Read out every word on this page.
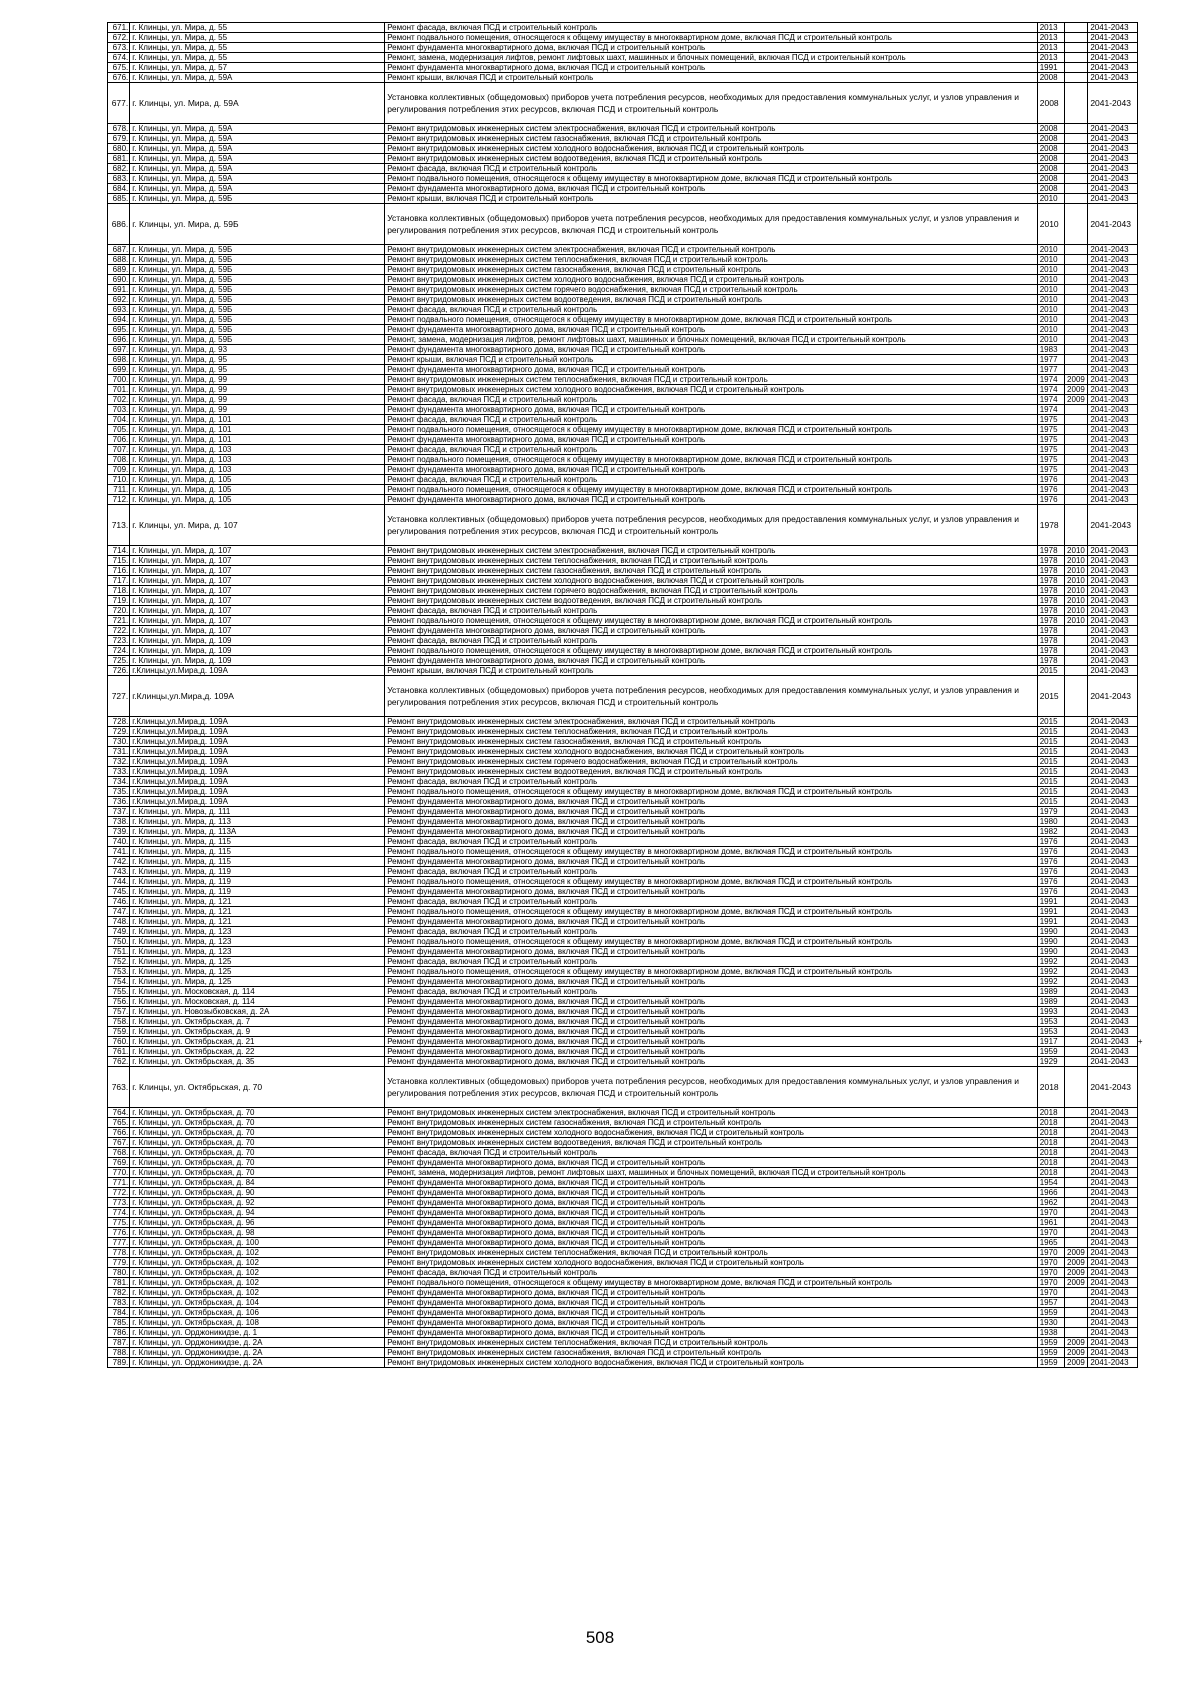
671.	г. Клинцы, ул. Мира, д. 55	Ремонт фасада, включая ПСД и строительный контроль	2013		2041-2043	
672.	г. Клинцы, ул. Мира, д. 55	Ремонт подвального помещения, относящегося к общему имуществу в многоквартирном доме, включая ПСД и строительный контроль	2013		2041-2043	
673.	г. Клинцы, ул. Мира, д. 55	Ремонт фундамента многоквартирного дома, включая ПСД и строительный контроль	2013		2041-2043	
674.	г. Клинцы, ул. Мира, д. 55	Ремонт, замена, модернизация лифтов, ремонт лифтовых шахт, машинных и блочных помещений, включая ПСД и строительный контроль	2013		2041-2043	
675.	г. Клинцы, ул. Мира, д. 57	Ремонт фундамента многоквартирного дома, включая ПСД и строительный контроль	1991		2041-2043	
676.	г. Клинцы, ул. Мира, д. 59А	Ремонт крыши, включая ПСД и строительный контроль	2008		2041-2043	
677.	г. Клинцы, ул. Мира, д. 59А	Установка коллективных (общедомовых) приборов учета потребления ресурсов, необходимых для предоставления коммунальных услуг, и узлов управления и регулирования потребления этих ресурсов, включая ПСД и строительный контроль	2008		2041-2043	
678.	г. Клинцы, ул. Мира, д. 59А	Ремонт внутридомовых инженерных систем электроснабжения, включая ПСД и строительный контроль	2008		2041-2043	
679.	г. Клинцы, ул. Мира, д. 59А	Ремонт внутридомовых инженерных систем газоснабжения, включая ПСД и строительный контроль	2008		2041-2043	
680.	г. Клинцы, ул. Мира, д. 59А	Ремонт внутридомовых инженерных систем холодного водоснабжения, включая ПСД и строительный контроль	2008		2041-2043	
681.	г. Клинцы, ул. Мира, д. 59А	Ремонт внутридомовых инженерных систем водоотведения, включая ПСД и строительный контроль	2008		2041-2043	
682.	г. Клинцы, ул. Мира, д. 59А	Ремонт фасада, включая ПСД и строительный контроль	2008		2041-2043	
683.	г. Клинцы, ул. Мира, д. 59А	Ремонт подвального помещения, относящегося к общему имуществу в многоквартирном доме, включая ПСД и строительный контроль	2008		2041-2043	
684.	г. Клинцы, ул. Мира, д. 59А	Ремонт фундамента многоквартирного дома, включая ПСД и строительный контроль	2008		2041-2043	
685.	г. Клинцы, ул. Мира, д. 59Б	Ремонт крыши, включая ПСД и строительный контроль	2010		2041-2043	
686.	г. Клинцы, ул. Мира, д. 59Б	Установка коллективных (общедомовых) приборов учета потребления ресурсов, необходимых для предоставления коммунальных услуг, и узлов управления и регулирования потребления этих ресурсов, включая ПСД и строительный контроль	2010		2041-2043	
687.	г. Клинцы, ул. Мира, д. 59Б	Ремонт внутридомовых инженерных систем электроснабжения, включая ПСД и строительный контроль	2010		2041-2043	
688.	г. Клинцы, ул. Мира, д. 59Б	Ремонт внутридомовых инженерных систем теплоснабжения, включая ПСД и строительный контроль	2010		2041-2043	
689.	г. Клинцы, ул. Мира, д. 59Б	Ремонт внутридомовых инженерных систем газоснабжения, включая ПСД и строительный контроль	2010		2041-2043	
690.	г. Клинцы, ул. Мира, д. 59Б	Ремонт внутридомовых инженерных систем холодного водоснабжения, включая ПСД и строительный контроль	2010		2041-2043	
691.	г. Клинцы, ул. Мира, д. 59Б	Ремонт внутридомовых инженерных систем горячего водоснабжения, включая ПСД и строительный контроль	2010		2041-2043	
692.	г. Клинцы, ул. Мира, д. 59Б	Ремонт внутридомовых инженерных систем водоотведения, включая ПСД и строительный контроль	2010		2041-2043	
693.	г. Клинцы, ул. Мира, д. 59Б	Ремонт фасада, включая ПСД и строительный контроль	2010		2041-2043	
694.	г. Клинцы, ул. Мира, д. 59Б	Ремонт подвального помещения, относящегося к общему имуществу в многоквартирном доме, включая ПСД и строительный контроль	2010		2041-2043	
695.	г. Клинцы, ул. Мира, д. 59Б	Ремонт фундамента многоквартирного дома, включая ПСД и строительный контроль	2010		2041-2043	
696.	г. Клинцы, ул. Мира, д. 59Б	Ремонт, замена, модернизация лифтов, ремонт лифтовых шахт, машинных и блочных помещений, включая ПСД и строительный контроль	2010		2041-2043	
697.	г. Клинцы, ул. Мира, д. 93	Ремонт фундамента многоквартирного дома, включая ПСД и строительный контроль	1983		2041-2043	
698.	г. Клинцы, ул. Мира, д. 95	Ремонт крыши, включая ПСД и строительный контроль	1977		2041-2043	
699.	г. Клинцы, ул. Мира, д. 95	Ремонт фундамента многоквартирного дома, включая ПСД и строительный контроль	1977		2041-2043	
700.	г. Клинцы, ул. Мира, д. 99	Ремонт внутридомовых инженерных систем теплоснабжения, включая ПСД и строительный контроль	1974	2009	2041-2043	
701.	г. Клинцы, ул. Мира, д. 99	Ремонт внутридомовых инженерных систем холодного водоснабжения, включая ПСД и строительный контроль	1974	2009	2041-2043	
702.	г. Клинцы, ул. Мира, д. 99	Ремонт фасада, включая ПСД и строительный контроль	1974	2009	2041-2043	
703.	г. Клинцы, ул. Мира, д. 99	Ремонт фундамента многоквартирного дома, включая ПСД и строительный контроль	1974		2041-2043	
704.	г. Клинцы, ул. Мира, д. 101	Ремонт фасада, включая ПСД и строительный контроль	1975		2041-2043	
705.	г. Клинцы, ул. Мира, д. 101	Ремонт подвального помещения, относящегося к общему имуществу в многоквартирном доме, включая ПСД и строительный контроль	1975		2041-2043	
706.	г. Клинцы, ул. Мира, д. 101	Ремонт фундамента многоквартирного дома, включая ПСД и строительный контроль	1975		2041-2043	
707.	г. Клинцы, ул. Мира, д. 103	Ремонт фасада, включая ПСД и строительный контроль	1975		2041-2043	
708.	г. Клинцы, ул. Мира, д. 103	Ремонт подвального помещения, относящегося к общему имуществу в многоквартирном доме, включая ПСД и строительный контроль	1975		2041-2043	
709.	г. Клинцы, ул. Мира, д. 103	Ремонт фундамента многоквартирного дома, включая ПСД и строительный контроль	1975		2041-2043	
710.	г. Клинцы, ул. Мира, д. 105	Ремонт фасада, включая ПСД и строительный контроль	1976		2041-2043	
711.	г. Клинцы, ул. Мира, д. 105	Ремонт подвального помещения, относящегося к общему имуществу в многоквартирном доме, включая ПСД и строительный контроль	1976		2041-2043	
712.	г. Клинцы, ул. Мира, д. 105	Ремонт фундамента многоквартирного дома, включая ПСД и строительный контроль	1976		2041-2043	
713.	г. Клинцы, ул. Мира, д. 107	Установка коллективных (общедомовых) приборов учета потребления ресурсов, необходимых для предоставления коммунальных услуг, и узлов управления и регулирования потребления этих ресурсов, включая ПСД и строительный контроль	1978		2041-2043	
714.	г. Клинцы, ул. Мира, д. 107	Ремонт внутридомовых инженерных систем электроснабжения, включая ПСД и строительный контроль	1978	2010	2041-2043	
715.	г. Клинцы, ул. Мира, д. 107	Ремонт внутридомовых инженерных систем теплоснабжения, включая ПСД и строительный контроль	1978	2010	2041-2043	
716.	г. Клинцы, ул. Мира, д. 107	Ремонт внутридомовых инженерных систем газоснабжения, включая ПСД и строительный контроль	1978	2010	2041-2043	
717.	г. Клинцы, ул. Мира, д. 107	Ремонт внутридомовых инженерных систем холодного водоснабжения, включая ПСД и строительный контроль	1978	2010	2041-2043	
718.	г. Клинцы, ул. Мира, д. 107	Ремонт внутридомовых инженерных систем горячего водоснабжения, включая ПСД и строительный контроль	1978	2010	2041-2043	
719.	г. Клинцы, ул. Мира, д. 107	Ремонт внутридомовых инженерных систем водоотведения, включая ПСД и строительный контроль	1978	2010	2041-2043	
720.	г. Клинцы, ул. Мира, д. 107	Ремонт фасада, включая ПСД и строительный контроль	1978	2010	2041-2043	
721.	г. Клинцы, ул. Мира, д. 107	Ремонт подвального помещения, относящегося к общему имуществу в многоквартирном доме, включая ПСД и строительный контроль	1978	2010	2041-2043	
722.	г. Клинцы, ул. Мира, д. 107	Ремонт фундамента многоквартирного дома, включая ПСД и строительный контроль	1978		2041-2043	
723.	г. Клинцы, ул. Мира, д. 109	Ремонт фасада, включая ПСД и строительный контроль	1978		2041-2043	
724.	г. Клинцы, ул. Мира, д. 109	Ремонт подвального помещения, относящегося к общему имуществу в многоквартирном доме, включая ПСД и строительный контроль	1978		2041-2043	
725.	г. Клинцы, ул. Мира, д. 109	Ремонт фундамента многоквартирного дома, включая ПСД и строительный контроль	1978		2041-2043	
726.	г.Клинцы,ул.Мира,д. 109А	Ремонт крыши, включая ПСД и строительный контроль	2015		2041-2043	
727.	г.Клинцы,ул.Мира,д. 109А	Установка коллективных (общедомовых) приборов учета потребления ресурсов, необходимых для предоставления коммунальных услуг, и узлов управления и регулирования потребления этих ресурсов, включая ПСД и строительный контроль	2015		2041-2043	
728.	г.Клинцы,ул.Мира,д. 109А	Ремонт внутридомовых инженерных систем электроснабжения, включая ПСД и строительный контроль	2015		2041-2043	
729.	г.Клинцы,ул.Мира,д. 109А	Ремонт внутридомовых инженерных систем теплоснабжения, включая ПСД и строительный контроль	2015		2041-2043	
730.	г.Клинцы,ул.Мира,д. 109А	Ремонт внутридомовых инженерных систем газоснабжения, включая ПСД и строительный контроль	2015		2041-2043	
731.	г.Клинцы,ул.Мира,д. 109А	Ремонт внутридомовых инженерных систем холодного водоснабжения, включая ПСД и строительный контроль	2015		2041-2043	
732.	г.Клинцы,ул.Мира,д. 109А	Ремонт внутридомовых инженерных систем горячего водоснабжения, включая ПСД и строительный контроль	2015		2041-2043	
733.	г.Клинцы,ул.Мира,д. 109А	Ремонт внутридомовых инженерных систем водоотведения, включая ПСД и строительный контроль	2015		2041-2043	
734.	г.Клинцы,ул.Мира,д. 109А	Ремонт фасада, включая ПСД и строительный контроль	2015		2041-2043	
735.	г.Клинцы,ул.Мира,д. 109А	Ремонт подвального помещения, относящегося к общему имуществу в многоквартирном доме, включая ПСД и строительный контроль	2015		2041-2043	
736.	г.Клинцы,ул.Мира,д. 109А	Ремонт фундамента многоквартирного дома, включая ПСД и строительный контроль	2015		2041-2043	
737.	г. Клинцы, ул. Мира, д. 111	Ремонт фундамента многоквартирного дома, включая ПСД и строительный контроль	1979		2041-2043	
738.	г. Клинцы, ул. Мира, д. 113	Ремонт фундамента многоквартирного дома, включая ПСД и строительный контроль	1980		2041-2043	
739.	г. Клинцы, ул. Мира, д. 113А	Ремонт фундамента многоквартирного дома, включая ПСД и строительный контроль	1982		2041-2043	
740.	г. Клинцы, ул. Мира, д. 115	Ремонт фасада, включая ПСД и строительный контроль	1976		2041-2043	
741.	г. Клинцы, ул. Мира, д. 115	Ремонт подвального помещения, относящегося к общему имуществу в многоквартирном доме, включая ПСД и строительный контроль	1976		2041-2043	
742.	г. Клинцы, ул. Мира, д. 115	Ремонт фундамента многоквартирного дома, включая ПСД и строительный контроль	1976		2041-2043	
743.	г. Клинцы, ул. Мира, д. 119	Ремонт фасада, включая ПСД и строительный контроль	1976		2041-2043	
744.	г. Клинцы, ул. Мира, д. 119	Ремонт подвального помещения, относящегося к общему имуществу в многоквартирном доме, включая ПСД и строительный контроль	1976		2041-2043	
745.	г. Клинцы, ул. Мира, д. 119	Ремонт фундамента многоквартирного дома, включая ПСД и строительный контроль	1976		2041-2043	
746.	г. Клинцы, ул. Мира, д. 121	Ремонт фасада, включая ПСД и строительный контроль	1991		2041-2043	
747.	г. Клинцы, ул. Мира, д. 121	Ремонт подвального помещения, относящегося к общему имуществу в многоквартирном доме, включая ПСД и строительный контроль	1991		2041-2043	
748.	г. Клинцы, ул. Мира, д. 121	Ремонт фундамента многоквартирного дома, включая ПСД и строительный контроль	1991		2041-2043	
749.	г. Клинцы, ул. Мира, д. 123	Ремонт фасада, включая ПСД и строительный контроль	1990		2041-2043	
750.	г. Клинцы, ул. Мира, д. 123	Ремонт подвального помещения, относящегося к общему имуществу в многоквартирном доме, включая ПСД и строительный контроль	1990		2041-2043	
751.	г. Клинцы, ул. Мира, д. 123	Ремонт фундамента многоквартирного дома, включая ПСД и строительный контроль	1990		2041-2043	
752.	г. Клинцы, ул. Мира, д. 125	Ремонт фасада, включая ПСД и строительный контроль	1992		2041-2043	
753.	г. Клинцы, ул. Мира, д. 125	Ремонт подвального помещения, относящегося к общему имуществу в многоквартирном доме, включая ПСД и строительный контроль	1992		2041-2043	
754.	г. Клинцы, ул. Мира, д. 125	Ремонт фундамента многоквартирного дома, включая ПСД и строительный контроль	1992		2041-2043	
755.	г. Клинцы, ул. Московская, д. 114	Ремонт фасада, включая ПСД и строительный контроль	1989		2041-2043	
756.	г. Клинцы, ул. Московская, д. 114	Ремонт фундамента многоквартирного дома, включая ПСД и строительный контроль	1989		2041-2043	
757.	г. Клинцы, ул. Новозыбковская, д. 2А	Ремонт фундамента многоквартирного дома, включая ПСД и строительный контроль	1993		2041-2043	
758.	г. Клинцы, ул. Октябрьская, д. 7	Ремонт фундамента многоквартирного дома, включая ПСД и строительный контроль	1953		2041-2043	
759.	г. Клинцы, ул. Октябрьская, д. 9	Ремонт фундамента многоквартирного дома, включая ПСД и строительный контроль	1953		2041-2043	
760.	г. Клинцы, ул. Октябрьская, д. 21	Ремонт фундамента многоквартирного дома, включая ПСД и строительный контроль	1917		2041-2043	+
761.	г. Клинцы, ул. Октябрьская, д. 22	Ремонт фундамента многоквартирного дома, включая ПСД и строительный контроль	1959		2041-2043	
762.	г. Клинцы, ул. Октябрьская, д. 35	Ремонт фундамента многоквартирного дома, включая ПСД и строительный контроль	1929		2041-2043	
763.	г. Клинцы, ул. Октябрьская, д. 70	Установка коллективных (общедомовых) приборов учета потребления ресурсов, необходимых для предоставления коммунальных услуг, и узлов управления и регулирования потребления этих ресурсов, включая ПСД и строительный контроль	2018		2041-2043	
764.	г. Клинцы, ул. Октябрьская, д. 70	Ремонт внутридомовых инженерных систем электроснабжения, включая ПСД и строительный контроль	2018		2041-2043	
765.	г. Клинцы, ул. Октябрьская, д. 70	Ремонт внутридомовых инженерных систем газоснабжения, включая ПСД и строительный контроль	2018		2041-2043	
766.	г. Клинцы, ул. Октябрьская, д. 70	Ремонт внутридомовых инженерных систем холодного водоснабжения, включая ПСД и строительный контроль	2018		2041-2043	
767.	г. Клинцы, ул. Октябрьская, д. 70	Ремонт внутридомовых инженерных систем водоотведения, включая ПСД и строительный контроль	2018		2041-2043	
768.	г. Клинцы, ул. Октябрьская, д. 70	Ремонт фасада, включая ПСД и строительный контроль	2018		2041-2043	
769.	г. Клинцы, ул. Октябрьская, д. 70	Ремонт фундамента многоквартирного дома, включая ПСД и строительный контроль	2018		2041-2043	
770.	г. Клинцы, ул. Октябрьская, д. 70	Ремонт, замена, модернизация лифтов, ремонт лифтовых шахт, машинных и блочных помещений, включая ПСД и строительный контроль	2018		2041-2043	
771.	г. Клинцы, ул. Октябрьская, д. 84	Ремонт фундамента многоквартирного дома, включая ПСД и строительный контроль	1954		2041-2043	
772.	г. Клинцы, ул. Октябрьская, д. 90	Ремонт фундамента многоквартирного дома, включая ПСД и строительный контроль	1966		2041-2043	
773.	г. Клинцы, ул. Октябрьская, д. 92	Ремонт фундамента многоквартирного дома, включая ПСД и строительный контроль	1962		2041-2043	
774.	г. Клинцы, ул. Октябрьская, д. 94	Ремонт фундамента многоквартирного дома, включая ПСД и строительный контроль	1970		2041-2043	
775.	г. Клинцы, ул. Октябрьская, д. 96	Ремонт фундамента многоквартирного дома, включая ПСД и строительный контроль	1961		2041-2043	
776.	г. Клинцы, ул. Октябрьская, д. 98	Ремонт фундамента многоквартирного дома, включая ПСД и строительный контроль	1970		2041-2043	
777.	г. Клинцы, ул. Октябрьская, д. 100	Ремонт фундамента многоквартирного дома, включая ПСД и строительный контроль	1965		2041-2043	
778.	г. Клинцы, ул. Октябрьская, д. 102	Ремонт внутридомовых инженерных систем теплоснабжения, включая ПСД и строительный контроль	1970	2009	2041-2043	
779.	г. Клинцы, ул. Октябрьская, д. 102	Ремонт внутридомовых инженерных систем холодного водоснабжения, включая ПСД и строительный контроль	1970	2009	2041-2043	
780.	г. Клинцы, ул. Октябрьская, д. 102	Ремонт фасада, включая ПСД и строительный контроль	1970	2009	2041-2043	
781.	г. Клинцы, ул. Октябрьская, д. 102	Ремонт подвального помещения, относящегося к общему имуществу в многоквартирном доме, включая ПСД и строительный контроль	1970	2009	2041-2043	
782.	г. Клинцы, ул. Октябрьская, д. 102	Ремонт фундамента многоквартирного дома, включая ПСД и строительный контроль	1970		2041-2043	
783.	г. Клинцы, ул. Октябрьская, д. 104	Ремонт фундамента многоквартирного дома, включая ПСД и строительный контроль	1957		2041-2043	
784.	г. Клинцы, ул. Октябрьская, д. 106	Ремонт фундамента многоквартирного дома, включая ПСД и строительный контроль	1959		2041-2043	
785.	г. Клинцы, ул. Октябрьская, д. 108	Ремонт фундамента многоквартирного дома, включая ПСД и строительный контроль	1930		2041-2043	
786.	г. Клинцы, ул. Орджоникидзе, д. 1	Ремонт фундамента многоквартирного дома, включая ПСД и строительный контроль	1938		2041-2043	
787.	г. Клинцы, ул. Орджоникидзе, д. 2А	Ремонт внутридомовых инженерных систем теплоснабжения, включая ПСД и строительный контроль	1959	2009	2041-2043	
788.	г. Клинцы, ул. Орджоникидзе, д. 2А	Ремонт внутридомовых инженерных систем газоснабжения, включая ПСД и строительный контроль	1959	2009	2041-2043	
789.	г. Клинцы, ул. Орджоникидзе, д. 2А	Ремонт внутридомовых инженерных систем холодного водоснабжения, включая ПСД и строительный контроль	1959	2009	2041-2043	
508
